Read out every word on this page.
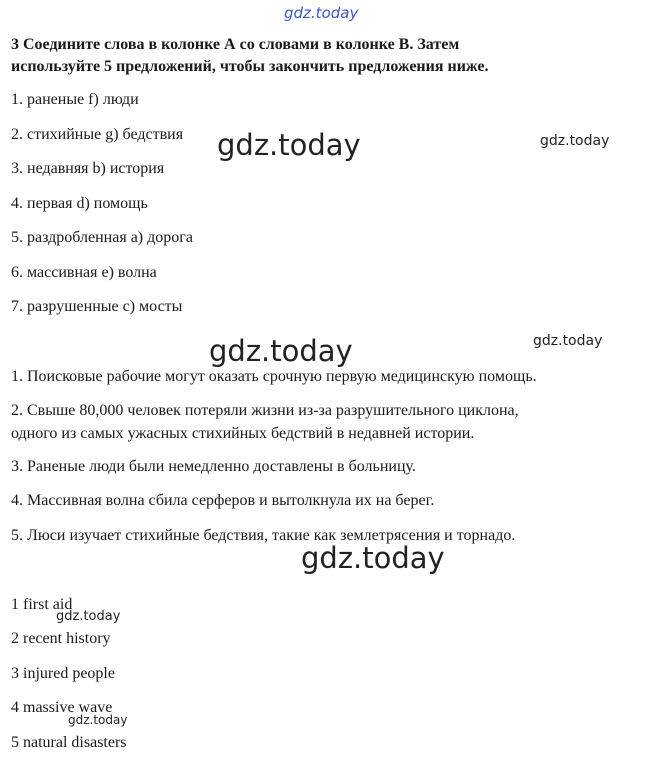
gdz.today
gdz.today	gdz.today
gdz.today	gdz.today
gdz.today
gdz.today
gdz.today
3 Соедините слова в колонке А со словами в колонке В. Затем
используйте 5 предложений, чтобы закончить предложения ниже.
1. раненые f) люди
2. стихийные g) бедствия
3. недавняя b) история
4. первая d) помощь
5. раздробленная a) дорога
6. массивная e) волна
7. разрушенные c) мосты
1. Поисковые рабочие могут оказать срочную первую медицинскую помощь.
2. Свыше 80,000 человек потеряли жизни из-за разрушительного циклона,
одного из самых ужасных стихийных бедствий в недавней истории.
3. Раненые люди были немедленно доставлены в больницу.
4. Массивная волна сбила серферов и вытолкнула их на берег.
5. Люси изучает стихийные бедствия, такие как землетрясения и торнадо.
1 first aid
2 recent history
3 injured people
4 massive wave
5 natural disasters
